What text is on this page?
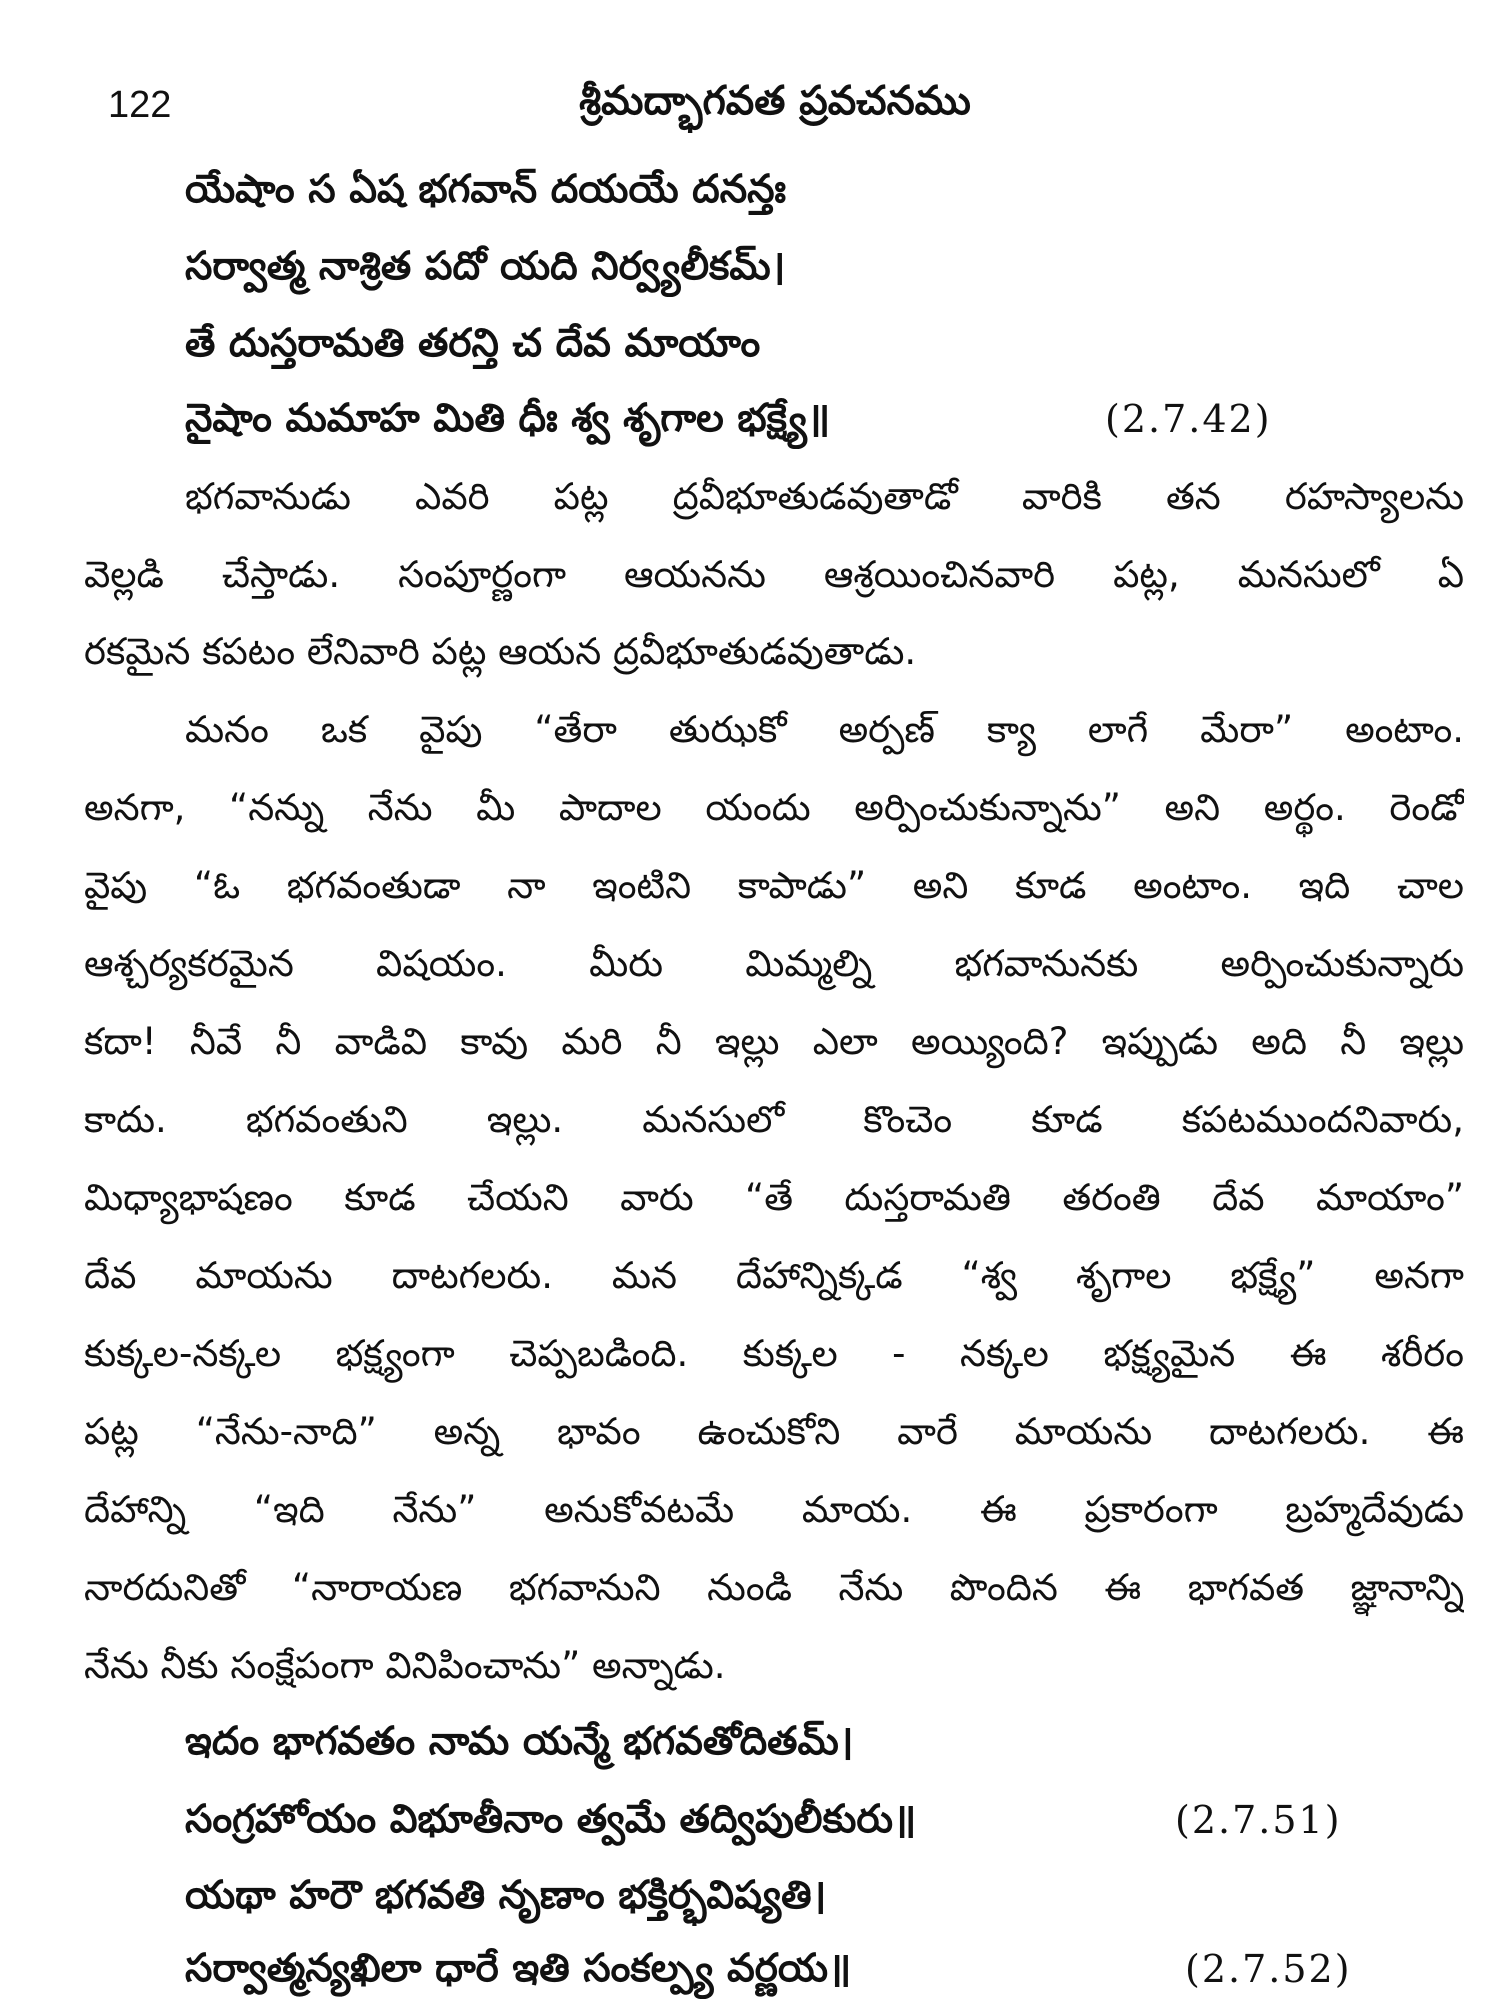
122	శ్రీమద్భాగవత ప్రవచనము
యేషాం స ఏష భగవాన్ దయయే దనన్తః
సర్వాత్మ నాశ్రిత పదో యది నిర్వ్యలీకమ్।
తే దుస్తరామతి తరన్తి చ దేవ మాయాం
నైషాం మమాహ మితి ధీః శ్వ శృగాల భక్ష్యే॥	(2.7.42)
భగవానుడు ఎవరి పట్ల ద్రవీభూతుడవుతాడో వారికి తన రహస్యాలను
వెల్లడి చేస్తాడు. సంపూర్ణంగా ఆయనను ఆశ్రయించినవారి పట్ల, మనసులో ఏ
రకమైన కపటం లేనివారి పట్ల ఆయన ద్రవీభూతుడవుతాడు.
మనం ఒక వైపు “తేరా తుఝకో అర్పణ్ క్యా లాగే మేరా” అంటాం.
అనగా, “నన్ను నేను మీ పాదాల యందు అర్పించుకున్నాను” అని అర్థం. రెండో
వైపు “ఓ భగవంతుడా నా ఇంటిని కాపాడు” అని కూడ అంటాం. ఇది చాల
ఆశ్చర్యకరమైన విషయం. మీరు మిమ్మల్ని భగవానునకు అర్పించుకున్నారు
కదా! నీవే నీ వాడివి కావు మరి నీ ఇల్లు ఎలా అయ్యింది? ఇప్పుడు అది నీ ఇల్లు
కాదు. భగవంతుని ఇల్లు. మనసులో కొంచెం కూడ కపటముందనివారు,
మిధ్యాభాషణం కూడ చేయని వారు “తే దుస్తరామతి తరంతి దేవ మాయాం”
దేవ మాయను దాటగలరు. మన దేహాన్నిక్కడ “శ్వ శృగాల భక్ష్యే” అనగా
కుక్కల-నక్కల భక్ష్యంగా చెప్పబడింది. కుక్కల - నక్కల భక్ష్యమైన ఈ శరీరం
పట్ల “నేను-నాది” అన్న భావం ఉంచుకోని వారే మాయను దాటగలరు. ఈ
దేహాన్ని “ఇది నేను” అనుకోవటమే మాయ. ఈ ప్రకారంగా బ్రహ్మదేవుడు
నారదునితో “నారాయణ భగవానుని నుండి నేను పొందిన ఈ భాగవత జ్ఞానాన్ని
నేను నీకు సంక్షేపంగా వినిపించాను” అన్నాడు.
ఇదం భాగవతం నామ యన్మే భగవతోదితమ్।
సంగ్రహోయం విభూతీనాం త్వమే తద్విపులీకురు॥	(2.7.51)
యథా హరౌ భగవతి నృణాం భక్తిర్భవిష్యతి।
సర్వాత్మన్యఖిలా ధారే ఇతి సంకల్ప్య వర్ణయ॥	(2.7.52)
